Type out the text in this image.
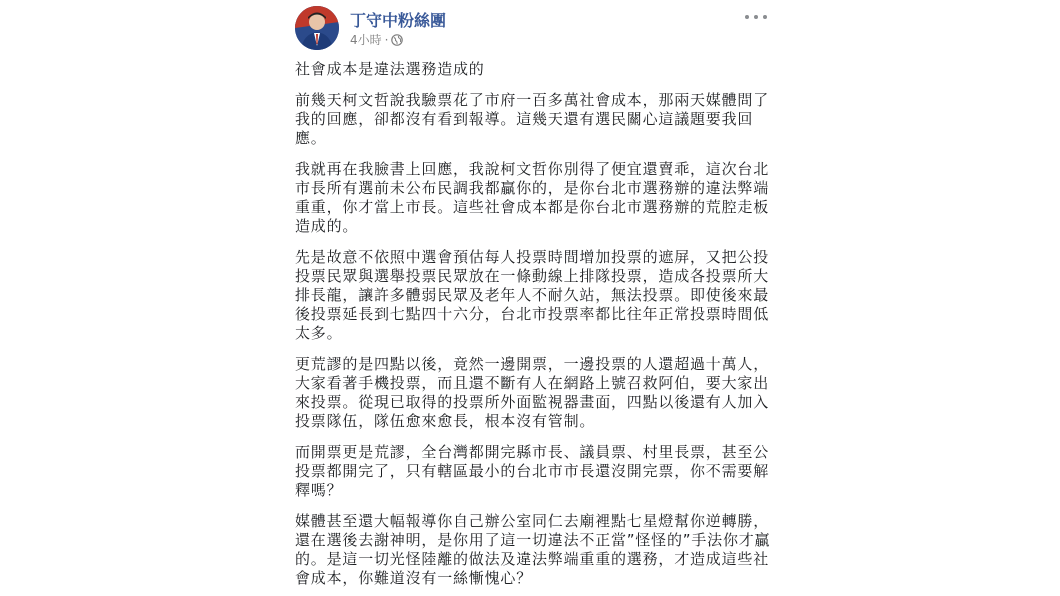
丁守中粉絲團
4小時 ·

社會成本是違法選務造成的

前幾天柯文哲說我驗票花了市府一百多萬社會成本，那兩天媒體問了我的回應，卻都沒有看到報導。這幾天還有選民關心這議題要我回應。

我就再在我臉書上回應，我說柯文哲你別得了便宜還賣乖，這次台北市長所有選前未公布民調我都贏你的，是你台北市選務辦的違法弊端重重，你才當上市長。這些社會成本都是你台北市選務辦的荒腔走板造成的。

先是故意不依照中選會預估每人投票時間增加投票的遮屏，又把公投投票民眾與選舉投票民眾放在一條動線上排隊投票，造成各投票所大排長龍，讓許多體弱民眾及老年人不耐久站，無法投票。即使後來最後投票延長到七點四十六分，台北市投票率都比往年正常投票時間低太多。

更荒謬的是四點以後，竟然一邊開票，一邊投票的人還超過十萬人，大家看著手機投票，而且還不斷有人在網路上號召救阿伯，要大家出來投票。從現已取得的投票所外面監視器畫面，四點以後還有人加入投票隊伍，隊伍愈來愈長，根本沒有管制。

而開票更是荒謬，全台灣都開完縣市長、議員票、村里長票，甚至公投票都開完了，只有轄區最小的台北市市長還沒開完票，你不需要解釋嗎？

媒體甚至還大幅報導你自己辦公室同仁去廟裡點七星燈幫你逆轉勝，還在選後去謝神明，是你用了這一切違法不正當”怪怪的”手法你才贏的。是這一切光怪陸離的做法及違法弊端重重的選務，才造成這些社會成本，你難道沒有一絲慚愧心？
